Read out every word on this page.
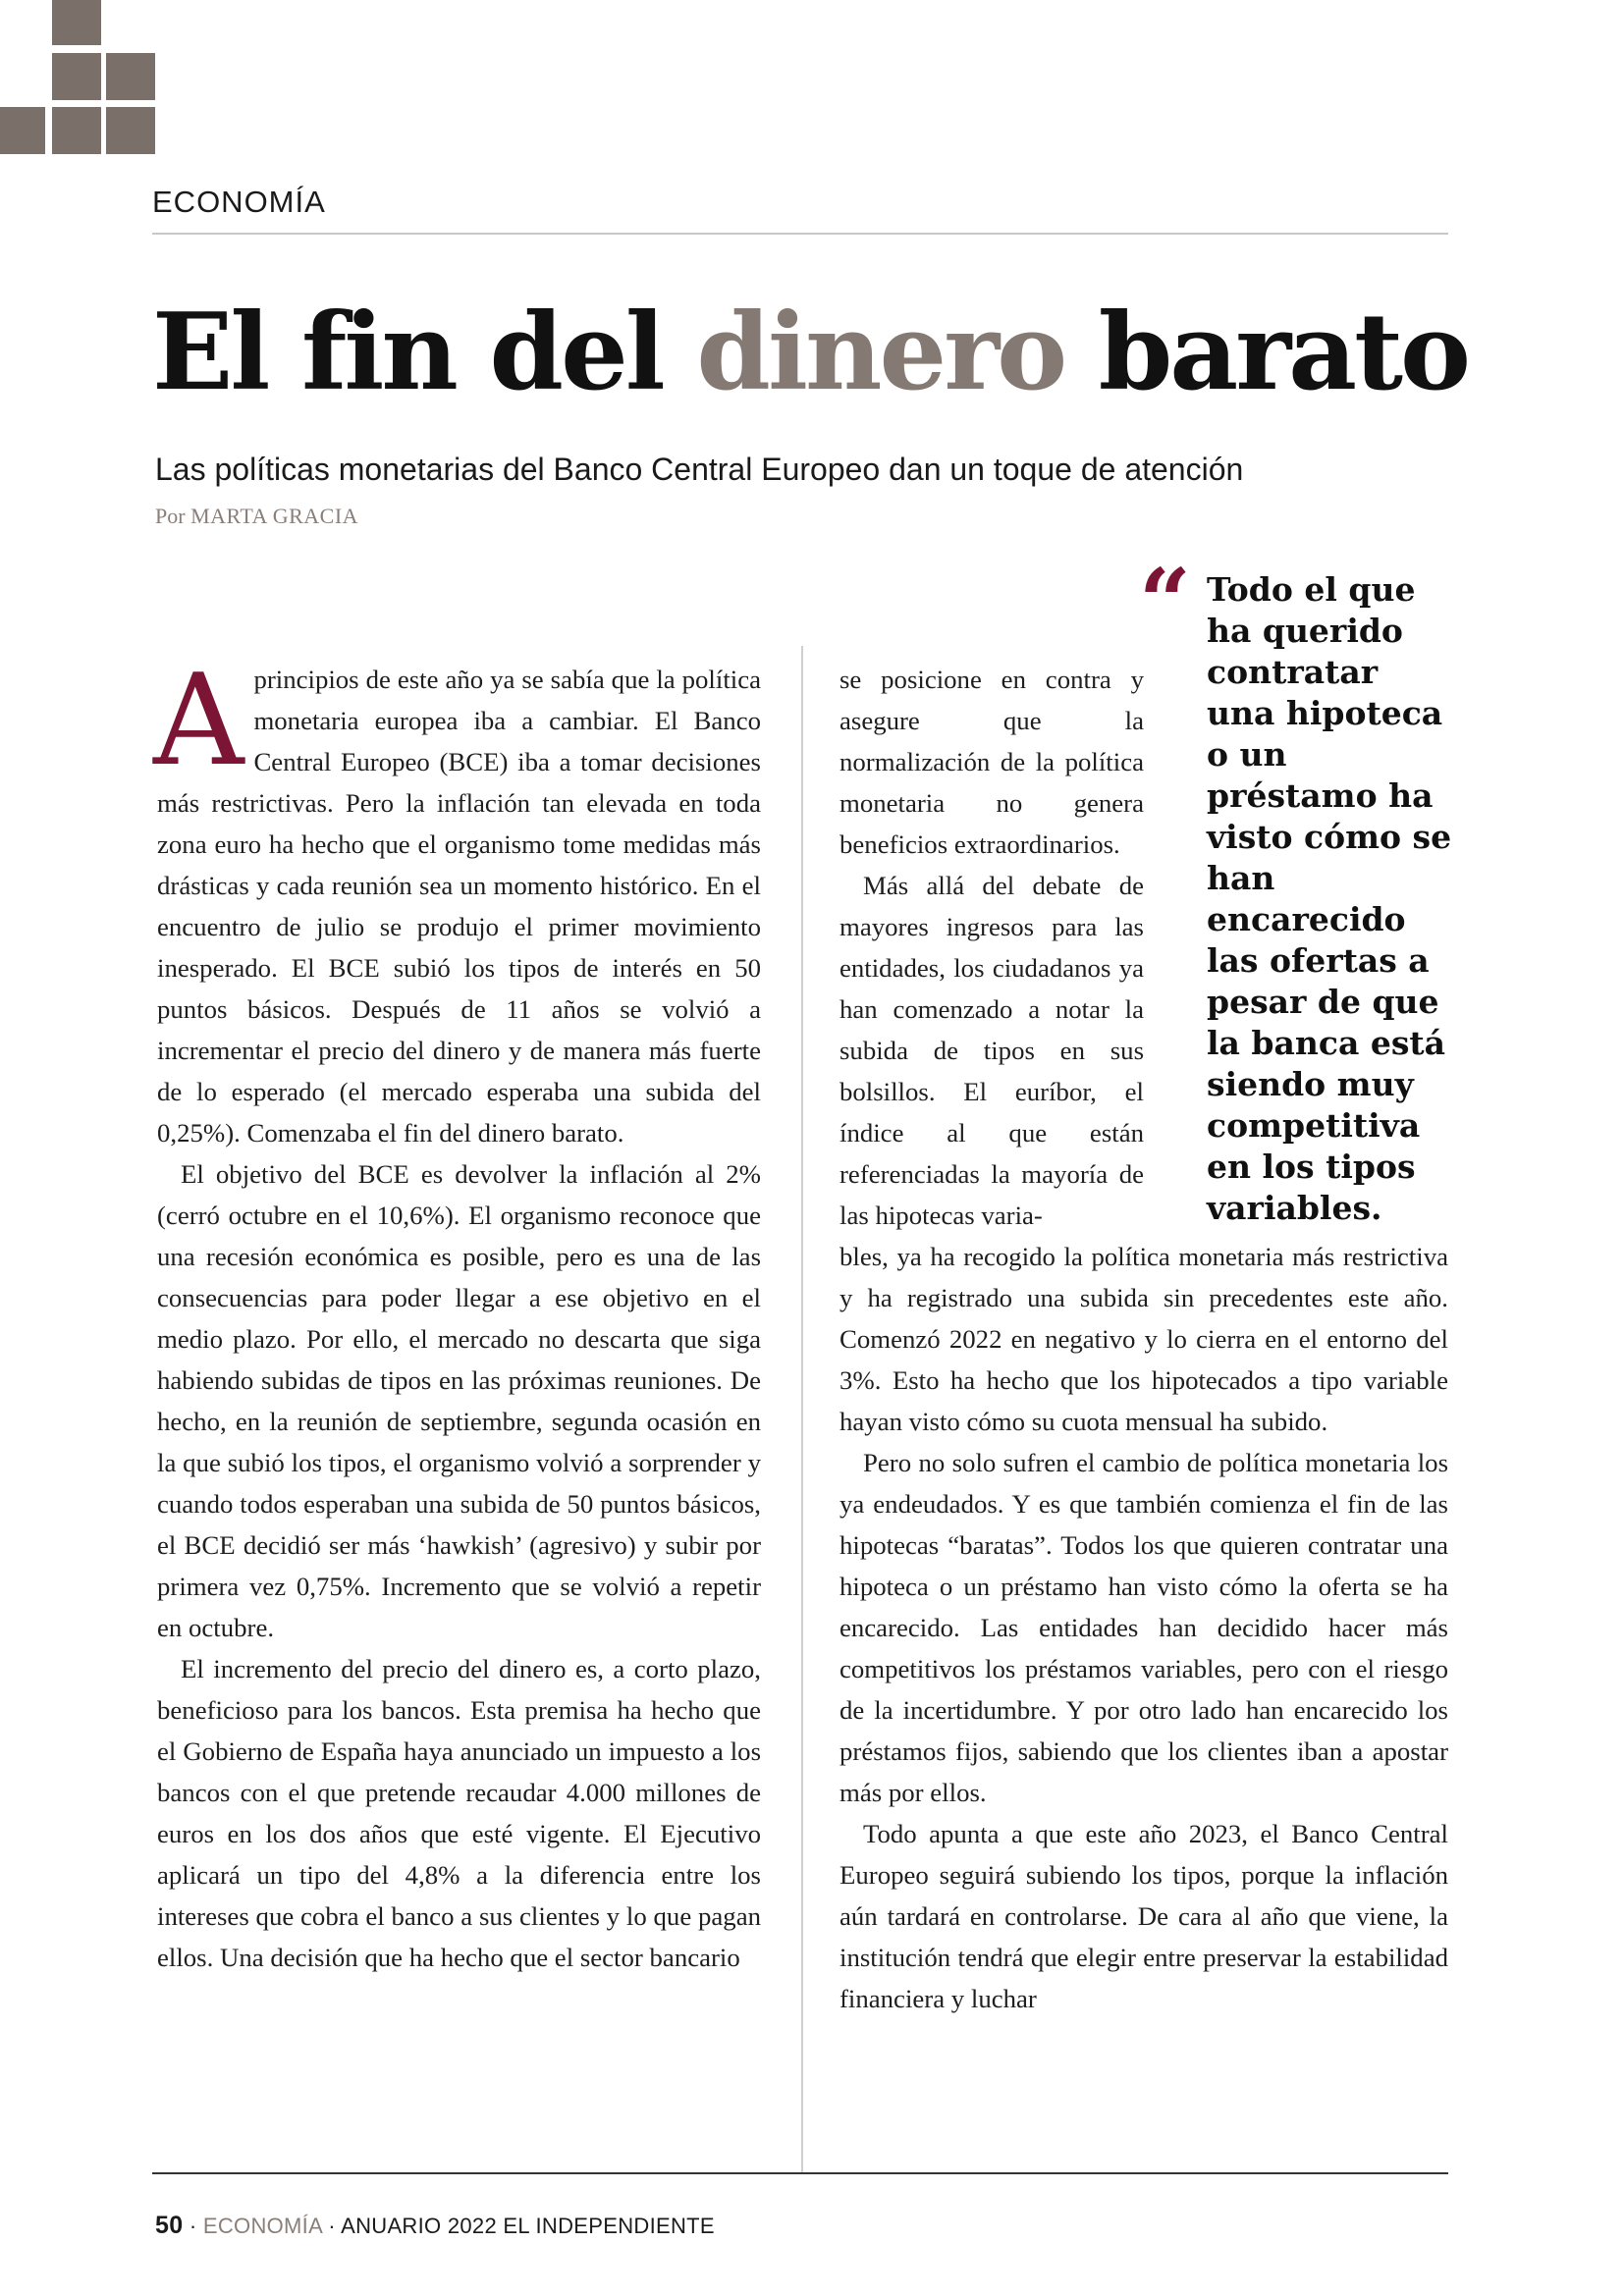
ECONOMÍA
El fin del dinero barato
Las políticas monetarias del Banco Central Europeo dan un toque de atención
Por MARTA GRACIA

Aprincipios de este año ya se sabía que la política monetaria europea iba a cambiar. El Banco Central Europeo (BCE) iba a tomar decisiones más restrictivas. Pero la inflación tan elevada en toda zona euro ha hecho que el organismo tome medidas más drásticas y cada reunión sea un momento histórico. En el encuentro de julio se produjo el primer movimiento inesperado. El BCE subió los tipos de interés en 50 puntos básicos. Después de 11 años se volvió a incrementar el precio del dinero y de manera más fuerte de lo esperado (el mercado esperaba una subida del 0,25%). Comenzaba el fin del dinero barato.

El objetivo del BCE es devolver la inflación al 2% (cerró octubre en el 10,6%). El organismo reconoce que una recesión económica es posible, pero es una de las consecuencias para poder llegar a ese objetivo en el medio plazo. Por ello, el mercado no descarta que siga habiendo subidas de tipos en las próximas reuniones. De hecho, en la reunión de septiembre, segunda ocasión en la que subió los tipos, el organismo volvió a sorprender y cuando todos esperaban una subida de 50 puntos básicos, el BCE decidió ser más ‘hawkish’ (agresivo) y subir por primera vez 0,75%. Incremento que se volvió a repetir en octubre.

El incremento del precio del dinero es, a corto plazo, beneficioso para los bancos. Esta premisa ha hecho que el Gobierno de España haya anunciado un impuesto a los bancos con el que pretende recaudar 4.000 millones de euros en los dos años que esté vigente. El Ejecutivo aplicará un tipo del 4,8% a la diferencia entre los intereses que cobra el banco a sus clientes y lo que pagan ellos. Una decisión que ha hecho que el sector bancario

se posicione en contra y asegure que la normalización de la política monetaria no genera beneficios extraordinarios.

Más allá del debate de mayores ingresos para las entidades, los ciudadanos ya han comenzado a notar la subida de tipos en sus bolsillos. El euríbor, el índice al que están referenciadas la mayoría de las hipotecas varia-

“ Todo el que ha querido contratar una hipoteca o un préstamo ha visto cómo se han encarecido las ofertas a pesar de que la banca está siendo muy competitiva en los tipos variables.

bles, ya ha recogido la política monetaria más restrictiva y ha registrado una subida sin precedentes este año. Comenzó 2022 en negativo y lo cierra en el entorno del 3%. Esto ha hecho que los hipotecados a tipo variable hayan visto cómo su cuota mensual ha subido.

Pero no solo sufren el cambio de política monetaria los ya endeudados. Y es que también comienza el fin de las hipotecas “baratas”. Todos los que quieren contratar una hipoteca o un préstamo han visto cómo la oferta se ha encarecido. Las entidades han decidido hacer más competitivos los préstamos variables, pero con el riesgo de la incertidumbre. Y por otro lado han encarecido los préstamos fijos, sabiendo que los clientes iban a apostar más por ellos.

Todo apunta a que este año 2023, el Banco Central Europeo seguirá subiendo los tipos, porque la inflación aún tardará en controlarse. De cara al año que viene, la institución tendrá que elegir entre preservar la estabilidad financiera y luchar

50 · ECONOMÍA · ANUARIO 2022 EL INDEPENDIENTE
